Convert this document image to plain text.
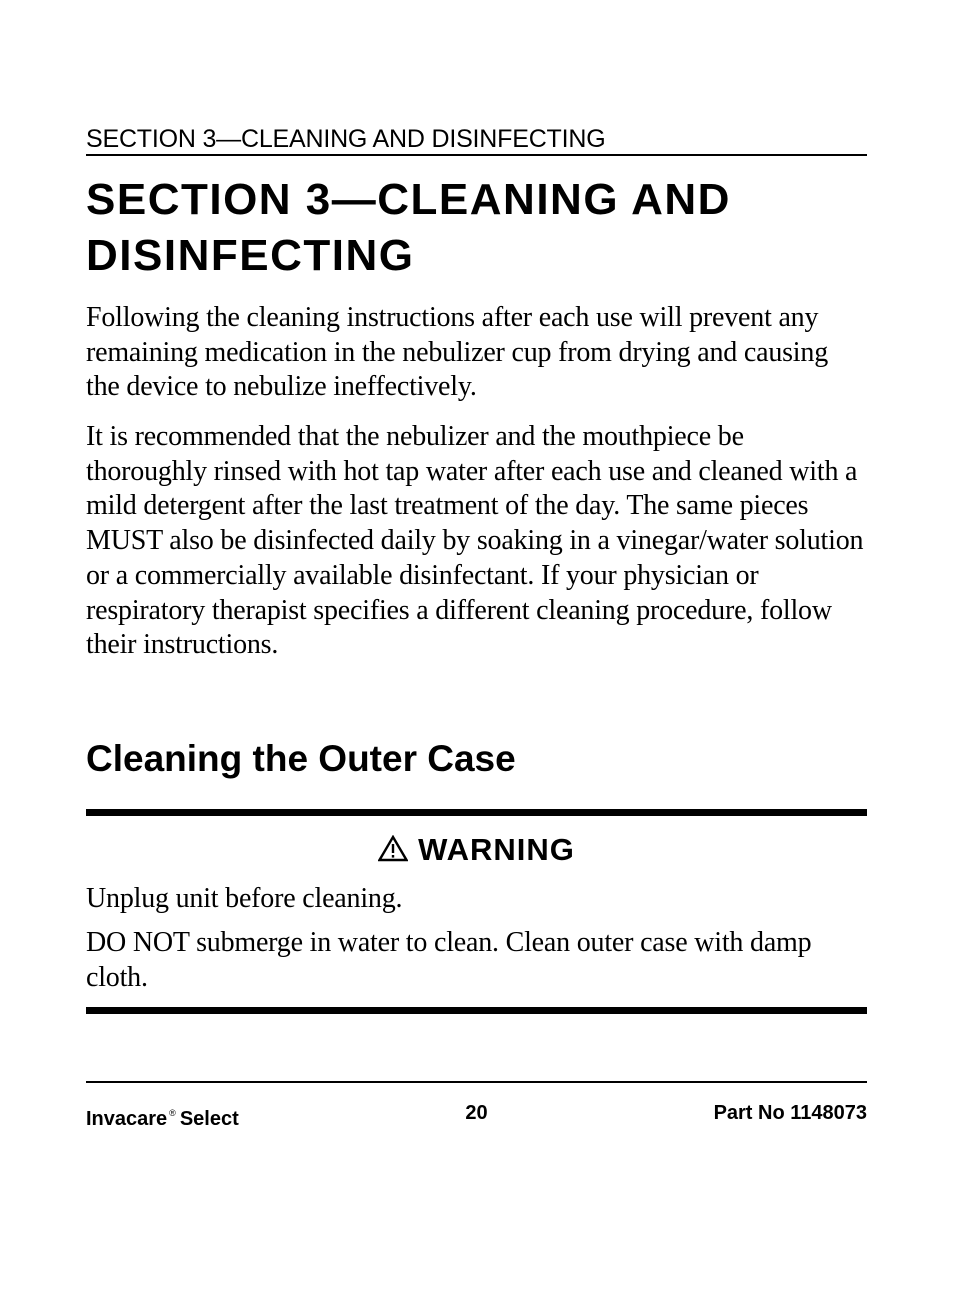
SECTION 3—CLEANING AND DISINFECTING
SECTION 3—CLEANING AND
DISINFECTING

Following the cleaning instructions after each use will prevent any remaining medication in the nebulizer cup from drying and causing the device to nebulize ineffectively.

It is recommended that the nebulizer and the mouthpiece be thoroughly rinsed with hot tap water after each use and cleaned with a mild detergent after the last treatment of the day. The same pieces MUST also be disinfected daily by soaking in a vinegar/water solution or a commercially available disinfectant. If your physician or respiratory therapist specifies a different cleaning procedure, follow their instructions.

Cleaning the Outer Case
WARNING

Unplug unit before cleaning.

DO NOT submerge in water to clean. Clean outer case with damp cloth.

Invacare ® Select	20	Part No 1148073
